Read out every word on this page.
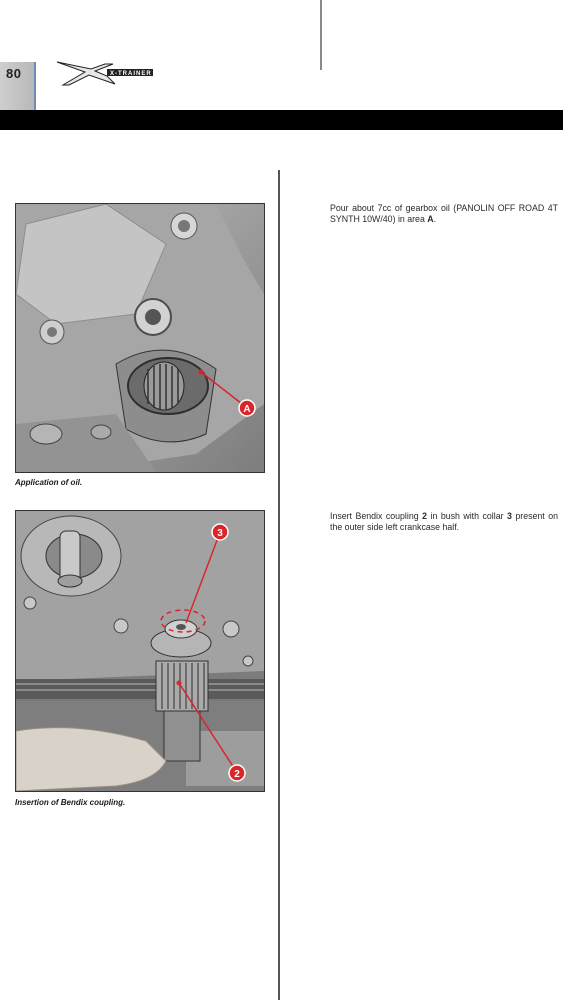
80	X-TRAINER
A
Application of oil.
3
2
Insertion of Bendix coupling.
Pour about 7cc of gearbox oil (PANOLIN OFF ROAD 4T SYNTH 10W/40) in area A.
Insert Bendix coupling 2 in bush with collar 3 present on the outer side left crankcase half.
